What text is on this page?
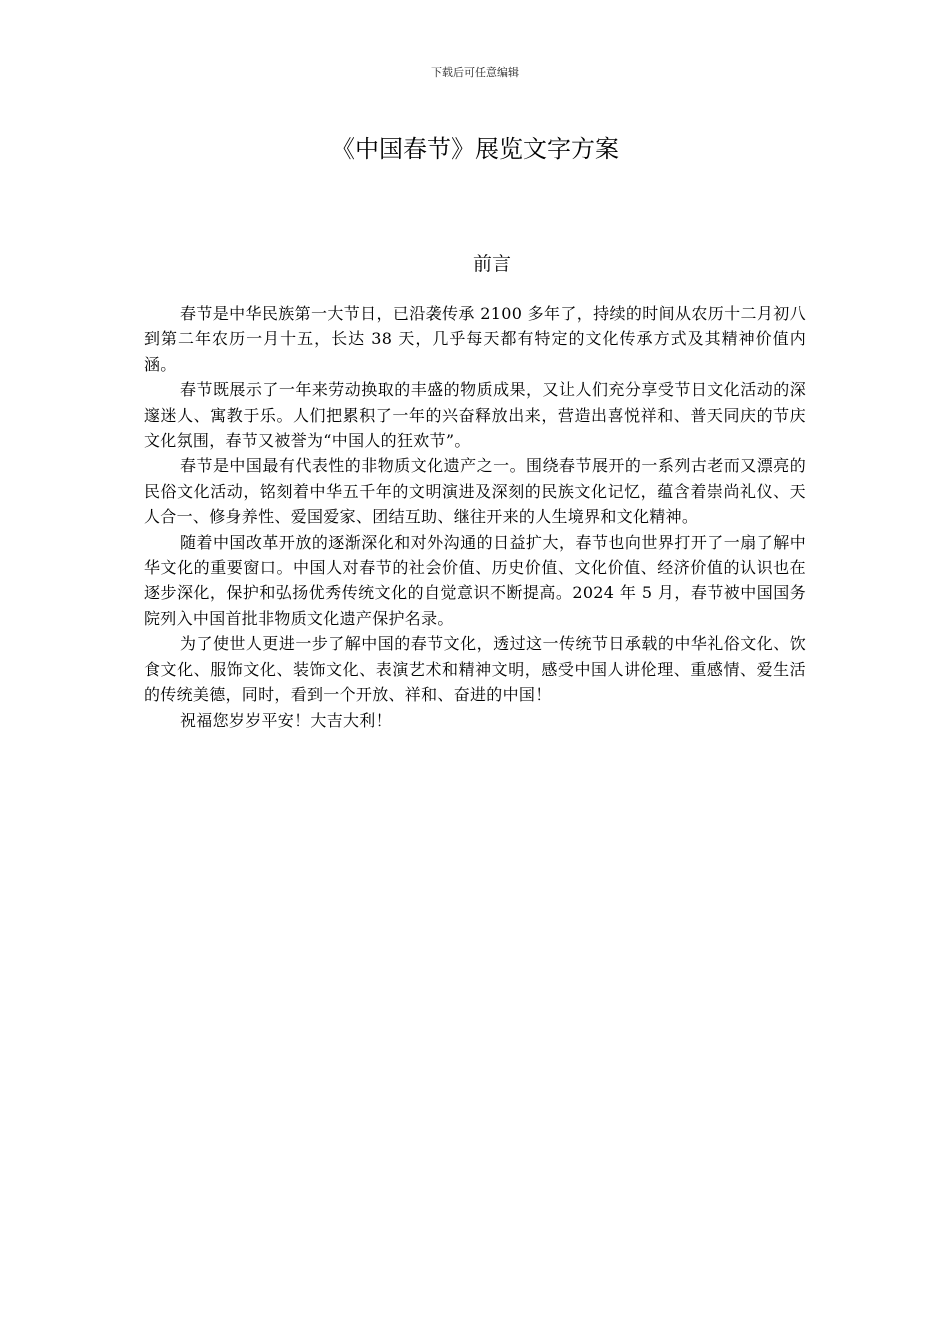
下载后可任意编辑
《中国春节》展览文字方案
前言

春节是中华民族第一大节日，已沿袭传承 2100 多年了，持续的时间从农历十二月初八到第二年农历一月十五，长达 38 天，几乎每天都有特定的文化传承方式及其精神价值内涵。

春节既展示了一年来劳动换取的丰盛的物质成果，又让人们充分享受节日文化活动的深邃迷人、寓教于乐。人们把累积了一年的兴奋释放出来，营造出喜悦祥和、普天同庆的节庆文化氛围，春节又被誉为“中国人的狂欢节”。

春节是中国最有代表性的非物质文化遗产之一。围绕春节展开的一系列古老而又漂亮的民俗文化活动，铭刻着中华五千年的文明演进及深刻的民族文化记忆，蕴含着崇尚礼仪、天人合一、修身养性、爱国爱家、团结互助、继往开来的人生境界和文化精神。

随着中国改革开放的逐渐深化和对外沟通的日益扩大，春节也向世界打开了一扇了解中华文化的重要窗口。中国人对春节的社会价值、历史价值、文化价值、经济价值的认识也在逐步深化，保护和弘扬优秀传统文化的自觉意识不断提高。2024 年 5 月，春节被中国国务院列入中国首批非物质文化遗产保护名录。

为了使世人更进一步了解中国的春节文化，透过这一传统节日承载的中华礼俗文化、饮食文化、服饰文化、装饰文化、表演艺术和精神文明，感受中国人讲伦理、重感情、爱生活的传统美德，同时，看到一个开放、祥和、奋进的中国！

祝福您岁岁平安！大吉大利！
